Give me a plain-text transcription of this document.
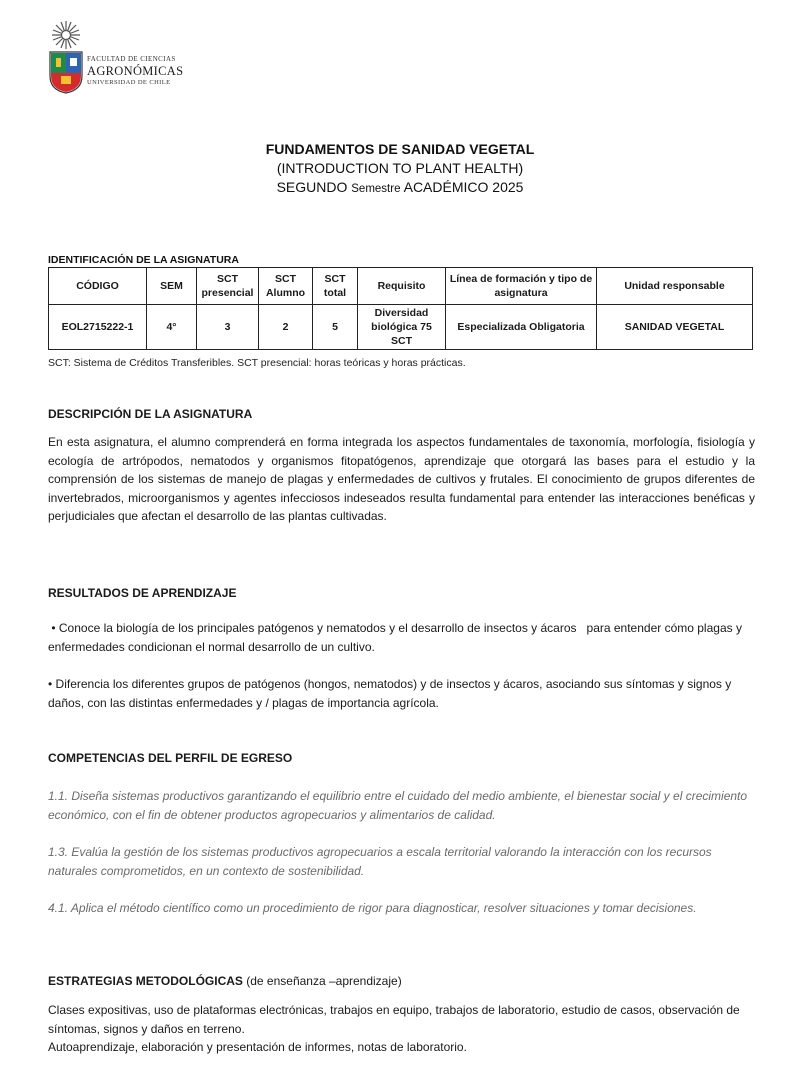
FACULTAD DE CIENCIAS
AGRONÓMICAS
UNIVERSIDAD DE CHILE
FUNDAMENTOS DE SANIDAD VEGETAL
(INTRODUCTION TO PLANT HEALTH)
SEGUNDO Semestre ACADÉMICO 2025
IDENTIFICACIÓN DE LA ASIGNATURA
CÓDIGO	SEM	SCT presencial	SCT Alumno	SCT total	Requisito	Línea de formación y tipo de asignatura	Unidad responsable
EOL2715222-1	4°	3	2	5	Diversidad biológica 75 SCT	Especializada Obligatoria	SANIDAD VEGETAL
SCT: Sistema de Créditos Transferibles. SCT presencial: horas teóricas y horas prácticas.
DESCRIPCIÓN DE LA ASIGNATURA
En esta asignatura, el alumno comprenderá en forma integrada los aspectos fundamentales de taxonomía, morfología, fisiología y ecología de artrópodos, nematodos y organismos fitopatógenos, aprendizaje que otorgará las bases para el estudio y la comprensión de los sistemas de manejo de plagas y enfermedades de cultivos y frutales. El conocimiento de grupos diferentes de invertebrados, microorganismos y agentes infecciosos indeseados resulta fundamental para entender las interacciones benéficas y perjudiciales que afectan el desarrollo de las plantas cultivadas.
RESULTADOS DE APRENDIZAJE
• Conoce la biología de los principales patógenos y nematodos y el desarrollo de insectos y ácaros   para entender cómo plagas y enfermedades condicionan el normal desarrollo de un cultivo.
• Diferencia los diferentes grupos de patógenos (hongos, nematodos) y de insectos y ácaros, asociando sus síntomas y signos y daños, con las distintas enfermedades y / plagas de importancia agrícola.
COMPETENCIAS DEL PERFIL DE EGRESO
1.1. Diseña sistemas productivos garantizando el equilibrio entre el cuidado del medio ambiente, el bienestar social y el crecimiento económico, con el fin de obtener productos agropecuarios y alimentarios de calidad.
1.3. Evalúa la gestión de los sistemas productivos agropecuarios a escala territorial valorando la interacción con los recursos naturales comprometidos, en un contexto de sostenibilidad.
4.1. Aplica el método científico como un procedimiento de rigor para diagnosticar, resolver situaciones y tomar decisiones.
ESTRATEGIAS METODOLÓGICAS (de enseñanza –aprendizaje)
Clases expositivas, uso de plataformas electrónicas, trabajos en equipo, trabajos de laboratorio, estudio de casos, observación de síntomas, signos y daños en terreno.
Autoaprendizaje, elaboración y presentación de informes, notas de laboratorio.
